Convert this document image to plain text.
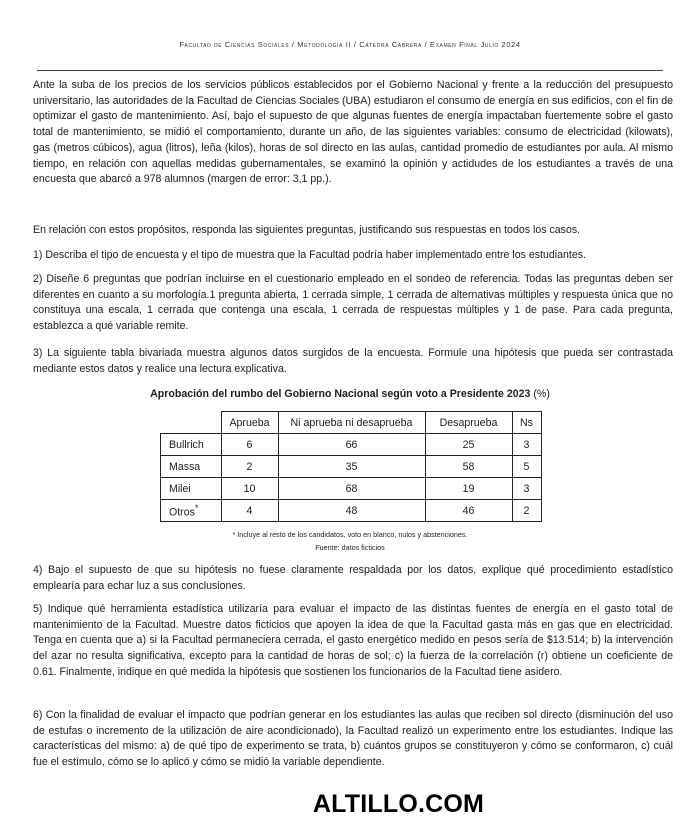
Facultad de Ciencias Sociales / Metodología II / Cátedra Cabrera / Examen Final Julio 2024

Ante la suba de los precios de los servicios públicos establecidos por el Gobierno Nacional y frente a la reducción del presupuesto universitario, las autoridades de la Facultad de Ciencias Sociales (UBA) estudiaron el consumo de energía en sus edificios, con el fin de optimizar el gasto de mantenimiento. Así, bajo el supuesto de que algunas fuentes de energía impactaban fuertemente sobre el gasto total de mantenimiento, se midió el comportamiento, durante un año, de las siguientes variables: consumo de electricidad (kilowats), gas (metros cúbicos), agua (litros), leña (kilos), horas de sol directo en las aulas, cantidad promedio de estudiantes por aula. Al mismo tiempo, en relación con aquellas medidas gubernamentales, se examinó la opinión y actidudes de los estudiantes a través de una encuesta que abarcó a 978 alumnos (margen de error: 3,1 pp.).

En relación con estos propósitos, responda las siguientes preguntas, justificando sus respuestas en todos los casos.

1) Describa el tipo de encuesta y el tipo de muestra que la Facultad podría haber implementado entre los estudiantes.

2) Diseñe 6 preguntas que podrían incluirse en el cuestionario empleado en el sondeo de referencia. Todas las preguntas deben ser diferentes en cuanto a su morfología.1 pregunta abierta, 1 cerrada simple, 1 cerrada de alternativas múltiples y respuesta única que no constituya una escala, 1 cerrada que contenga una escala, 1 cerrada de respuestas múltiples y 1 de pase. Para cada pregunta, establezca a qué variable remite.

3) La siguiente tabla bivariada muestra algunos datos surgidos de la encuesta. Formule una hipótesis que pueda ser contrastada mediante estos datos y realice una lectura explicativa.

Aprobación del rumbo del Gobierno Nacional según voto a Presidente 2023 (%)
	Aprueba	Ni aprueba ni desaprueba	Desaprueba	Ns
Bullrich	6	66	25	3
Massa	2	35	58	5
Milei	10	68	19	3
Otros*	4	48	46	2
* Incluye al resto de los candidatos, voto en blanco, nulos y abstenciones.
Fuente: datos ficticios

4) Bajo el supuesto de que su hipótesis no fuese claramente respaldada por los datos, explique qué procedimiento estadístico emplearía para echar luz a sus conclusiones.

5) Indique qué herramienta estadística utilizaría para evaluar el impacto de las distintas fuentes de energía en el gasto total de mantenimiento de la Facultad. Muestre datos ficticios que apoyen la idea de que la Facultad gasta más en gas que en electricidad. Tenga en cuenta que a) si la Facultad permaneciera cerrada, el gasto energético medido en pesos sería de $13.514; b) la intervención del azar no resulta significativa, excepto para la cantidad de horas de sol; c) la fuerza de la correlación (r) obtiene un coeficiente de 0.61. Finalmente, indique en qué medida la hipótesis que sostienen los funcionarios de la Facultad tiene asidero.

6) Con la finalidad de evaluar el impacto que podrían generar en los estudiantes las aulas que reciben sol directo (disminución del uso de estufas o incremento de la utilización de aire acondicionado), la Facultad realizó un experimento entre los estudiantes. Indique las características del mismo: a) de qué tipo de experimento se trata, b) cuántos grupos se constituyeron y cómo se conformaron, c) cuál fue el estímulo, cómo se lo aplicó y cómo se midió la variable dependiente.

ALTILLO.COM
